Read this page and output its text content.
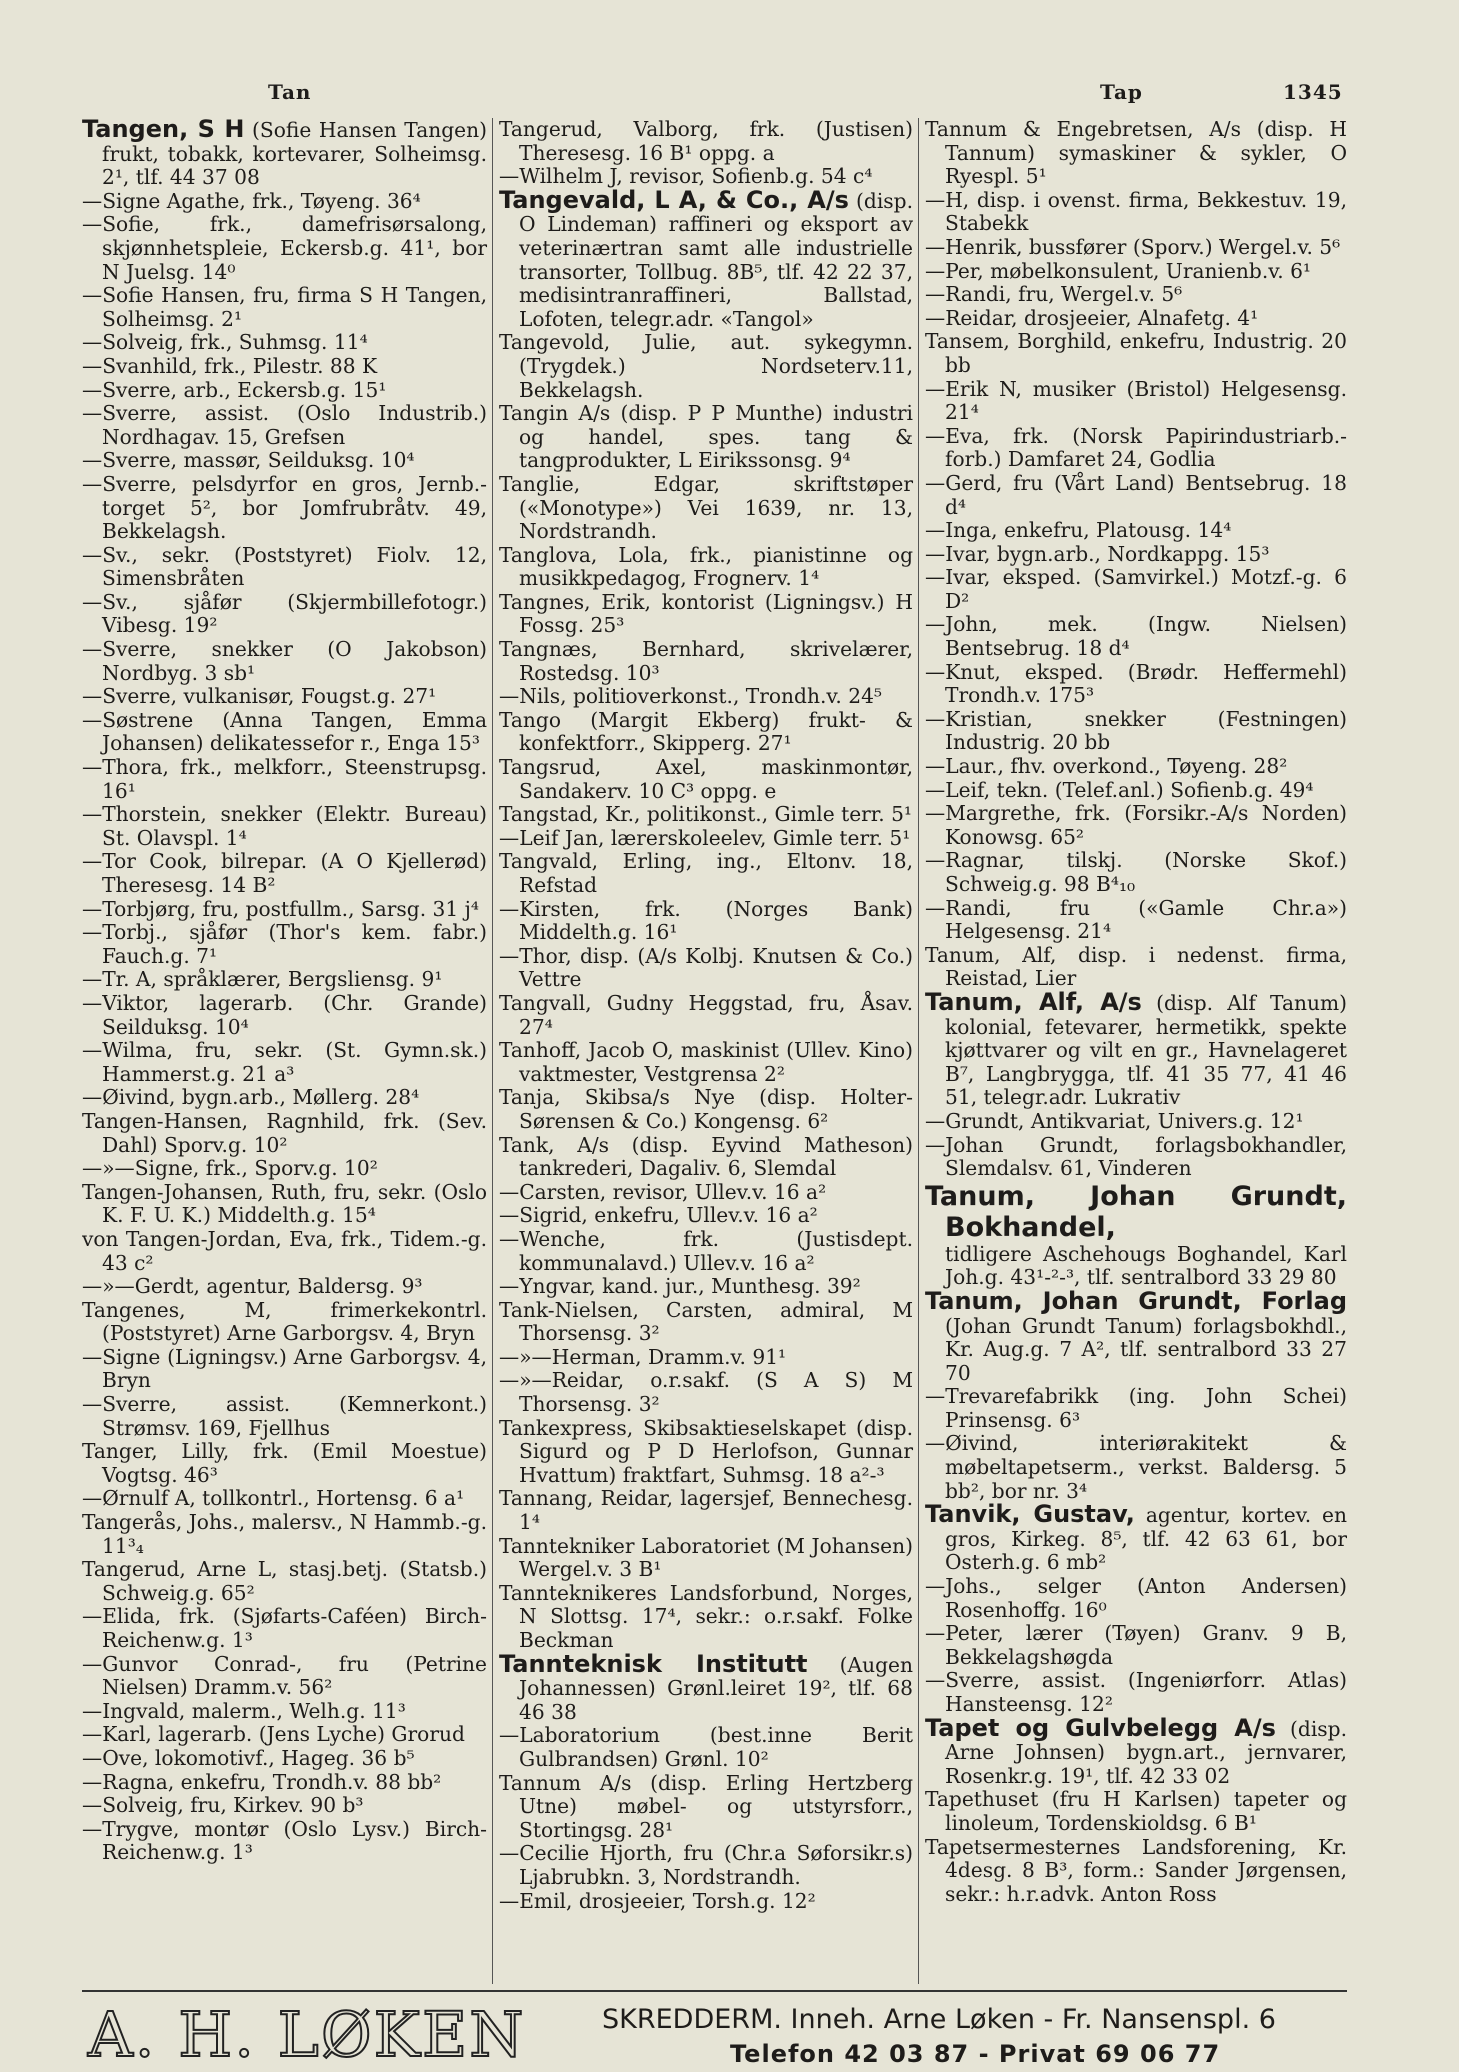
Tan	Tap	1345
Tangen, S H (Sofie Hansen Tangen) frukt, tobakk, kortevarer, Solheimsg. 2¹, tlf. 44 37 08
—Signe Agathe, frk., Tøyeng. 36⁴
—Sofie, frk., damefrisørsalong, skjønnhetspleie, Eckersb.g. 41¹, bor N Juelsg. 14⁰
—Sofie Hansen, fru, firma S H Tangen, Solheimsg. 2¹
—Solveig, frk., Suhmsg. 11⁴
—Svanhild, frk., Pilestr. 88 K
—Sverre, arb., Eckersb.g. 15¹
—Sverre, assist. (Oslo Industrib.) Nordhagav. 15, Grefsen
—Sverre, massør, Seilduksg. 10⁴
—Sverre, pelsdyrfor en gros, Jernb.-torget 5², bor Jomfrubråtv. 49, Bekkelagsh.
—Sv., sekr. (Poststyret) Fiolv. 12, Simensbråten
—Sv., sjåfør (Skjermbillefotogr.) Vibesg. 19²
—Sverre, snekker (O Jakobson) Nordbyg. 3 sb¹
—Sverre, vulkanisør, Fougst.g. 27¹
—Søstrene (Anna Tangen, Emma Johansen) delikatessefor r., Enga 15³
—Thora, frk., melkforr., Steenstrupsg. 16¹
—Thorstein, snekker (Elektr. Bureau) St. Olavspl. 1⁴
—Tor Cook, bilrepar. (A O Kjellerød) Theresesg. 14 B²
—Torbjørg, fru, postfullm., Sarsg. 31 j⁴
—Torbj., sjåfør (Thor's kem. fabr.) Fauch.g. 7¹
—Tr. A, språklærer, Bergsliensg. 9¹
—Viktor, lagerarb. (Chr. Grande) Seilduksg. 10⁴
—Wilma, fru, sekr. (St. Gymn.sk.) Hammerst.g. 21 a³
—Øivind, bygn.arb., Møllerg. 28⁴
Tangen-Hansen, Ragnhild, frk. (Sev. Dahl) Sporv.g. 10²
—»—Signe, frk., Sporv.g. 10²
Tangen-Johansen, Ruth, fru, sekr. (Oslo K. F. U. K.) Middelth.g. 15⁴
von Tangen-Jordan, Eva, frk., Tidem.-g. 43 c²
—»—Gerdt, agentur, Baldersg. 9³
Tangenes, M, frimerkekontrl. (Poststyret) Arne Garborgsv. 4, Bryn
—Signe (Ligningsv.) Arne Garborgsv. 4, Bryn
—Sverre, assist. (Kemnerkont.) Strømsv. 169, Fjellhus
Tanger, Lilly, frk. (Emil Moestue) Vogtsg. 46³
—Ørnulf A, tollkontrl., Hortensg. 6 a¹
Tangerås, Johs., malersv., N Hammb.-g. 11³₄
Tangerud, Arne L, stasj.betj. (Statsb.) Schweig.g. 65²
—Elida, frk. (Sjøfarts-Caféen) Birch-Reichenw.g. 1³
—Gunvor Conrad-, fru (Petrine Nielsen) Dramm.v. 56²
—Ingvald, malerm., Welh.g. 11³
—Karl, lagerarb. (Jens Lyche) Grorud
—Ove, lokomotivf., Hageg. 36 b⁵
—Ragna, enkefru, Trondh.v. 88 bb²
—Solveig, fru, Kirkev. 90 b³
—Trygve, montør (Oslo Lysv.) Birch-Reichenw.g. 1³
Tangerud, Valborg, frk. (Justisen) Theresesg. 16 B¹ oppg. a
—Wilhelm J, revisor, Sofienb.g. 54 c⁴
Tangevald, L A, & Co., A/s (disp. O Lindeman) raffineri og eksport av veterinærtran samt alle industrielle transorter, Tollbug. 8B⁵, tlf. 42 22 37, medisintranraffineri, Ballstad, Lofoten, telegr.adr. «Tangol»
Tangevold, Julie, aut. sykegymn. (Trygdek.) Nordseterv.11, Bekkelagsh.
Tangin A/s (disp. P P Munthe) industri og handel, spes. tang & tangprodukter, L Eirikssonsg. 9⁴
Tanglie, Edgar, skriftstøper («Monotype») Vei 1639, nr. 13, Nordstrandh.
Tanglova, Lola, frk., pianistinne og musikkpedagog, Frognerv. 1⁴
Tangnes, Erik, kontorist (Ligningsv.) H Fossg. 25³
Tangnæs, Bernhard, skrivelærer, Rostedsg. 10³
—Nils, politioverkonst., Trondh.v. 24⁵
Tango (Margit Ekberg) frukt- & konfektforr., Skipperg. 27¹
Tangsrud, Axel, maskinmontør, Sandakerv. 10 C³ oppg. e
Tangstad, Kr., politikonst., Gimle terr. 5¹
—Leif Jan, lærerskoleelev, Gimle terr. 5¹
Tangvald, Erling, ing., Eltonv. 18, Refstad
—Kirsten, frk. (Norges Bank) Middelth.g. 16¹
—Thor, disp. (A/s Kolbj. Knutsen & Co.) Vettre
Tangvall, Gudny Heggstad, fru, Åsav. 27⁴
Tanhoff, Jacob O, maskinist (Ullev. Kino) vaktmester, Vestgrensa 2²
Tanja, Skibsa/s Nye (disp. Holter-Sørensen & Co.) Kongensg. 6²
Tank, A/s (disp. Eyvind Matheson) tankrederi, Dagaliv. 6, Slemdal
—Carsten, revisor, Ullev.v. 16 a²
—Sigrid, enkefru, Ullev.v. 16 a²
—Wenche, frk. (Justisdept. kommunalavd.) Ullev.v. 16 a²
—Yngvar, kand. jur., Munthesg. 39²
Tank-Nielsen, Carsten, admiral, M Thorsensg. 3²
—»—Herman, Dramm.v. 91¹
—»—Reidar, o.r.sakf. (S A S) M Thorsensg. 3²
Tankexpress, Skibsaktieselskapet (disp. Sigurd og P D Herlofson, Gunnar Hvattum) fraktfart, Suhmsg. 18 a²-³
Tannang, Reidar, lagersjef, Bennechesg. 1⁴
Tanntekniker Laboratoriet (M Johansen) Wergel.v. 3 B¹
Tannteknikeres Landsforbund, Norges, N Slottsg. 17⁴, sekr.: o.r.sakf. Folke Beckman
Tannteknisk Institutt (Augen Johannessen) Grønl.leiret 19², tlf. 68 46 38
—Laboratorium (best.inne Berit Gulbrandsen) Grønl. 10²
Tannum A/s (disp. Erling Hertzberg Utne) møbel- og utstyrsforr., Stortingsg. 28¹
—Cecilie Hjorth, fru (Chr.a Søforsikr.s) Ljabrubkn. 3, Nordstrandh.
—Emil, drosjeeier, Torsh.g. 12²
Tannum & Engebretsen, A/s (disp. H Tannum) symaskiner & sykler, O Ryespl. 5¹
—H, disp. i ovenst. firma, Bekkestuv. 19, Stabekk
—Henrik, bussfører (Sporv.) Wergel.v. 5⁶
—Per, møbelkonsulent, Uranienb.v. 6¹
—Randi, fru, Wergel.v. 5⁶
—Reidar, drosjeeier, Alnafetg. 4¹
Tansem, Borghild, enkefru, Industrig. 20 bb
—Erik N, musiker (Bristol) Helgesensg. 21⁴
—Eva, frk. (Norsk Papirindustriarb.-forb.) Damfaret 24, Godlia
—Gerd, fru (Vårt Land) Bentsebrug. 18 d⁴
—Inga, enkefru, Platousg. 14⁴
—Ivar, bygn.arb., Nordkappg. 15³
—Ivar, eksped. (Samvirkel.) Motzf.-g. 6 D²
—John, mek. (Ingw. Nielsen) Bentsebrug. 18 d⁴
—Knut, eksped. (Brødr. Heffermehl) Trondh.v. 175³
—Kristian, snekker (Festningen) Industrig. 20 bb
—Laur., fhv. overkond., Tøyeng. 28²
—Leif, tekn. (Telef.anl.) Sofienb.g. 49⁴
—Margrethe, frk. (Forsikr.-A/s Norden) Konowsg. 65²
—Ragnar, tilskj. (Norske Skof.) Schweig.g. 98 B⁴₁₀
—Randi, fru («Gamle Chr.a») Helgesensg. 21⁴
Tanum, Alf, disp. i nedenst. firma, Reistad, Lier
Tanum, Alf, A/s (disp. Alf Tanum) kolonial, fetevarer, hermetikk, spekte kjøttvarer og vilt en gr., Havnelageret B⁷, Langbrygga, tlf. 41 35 77, 41 46 51, telegr.adr. Lukrativ
—Grundt, Antikvariat, Univers.g. 12¹
—Johan Grundt, forlagsbokhandler, Slemdalsv. 61, Vinderen
Tanum, Johan Grundt, Bokhandel,
tidligere Aschehougs Boghandel, Karl Joh.g. 43¹-²-³, tlf. sentralbord 33 29 80
Tanum, Johan Grundt, Forlag (Johan Grundt Tanum) forlagsbokhdl., Kr. Aug.g. 7 A², tlf. sentralbord 33 27 70
—Trevarefabrikk (ing. John Schei) Prinsensg. 6³
—Øivind, interiørakitekt & møbeltapetserm., verkst. Baldersg. 5 bb², bor nr. 3⁴
Tanvik, Gustav, agentur, kortev. en gros, Kirkeg. 8⁵, tlf. 42 63 61, bor Osterh.g. 6 mb²
—Johs., selger (Anton Andersen) Rosenhoffg. 16⁰
—Peter, lærer (Tøyen) Granv. 9 B, Bekkelagshøgda
—Sverre, assist. (Ingeniørforr. Atlas) Hansteensg. 12²
Tapet og Gulvbelegg A/s (disp. Arne Johnsen) bygn.art., jernvarer, Rosenkr.g. 19¹, tlf. 42 33 02
Tapethuset (fru H Karlsen) tapeter og linoleum, Tordenskioldsg. 6 B¹
Tapetsermesternes Landsforening, Kr. 4desg. 8 B³, form.: Sander Jørgensen, sekr.: h.r.advk. Anton Ross
A. H. LØKEN	SKREDDERM. Inneh. Arne Løken - Fr. Nansenspl. 6
Telefon 42 03 87 - Privat 69 06 77
